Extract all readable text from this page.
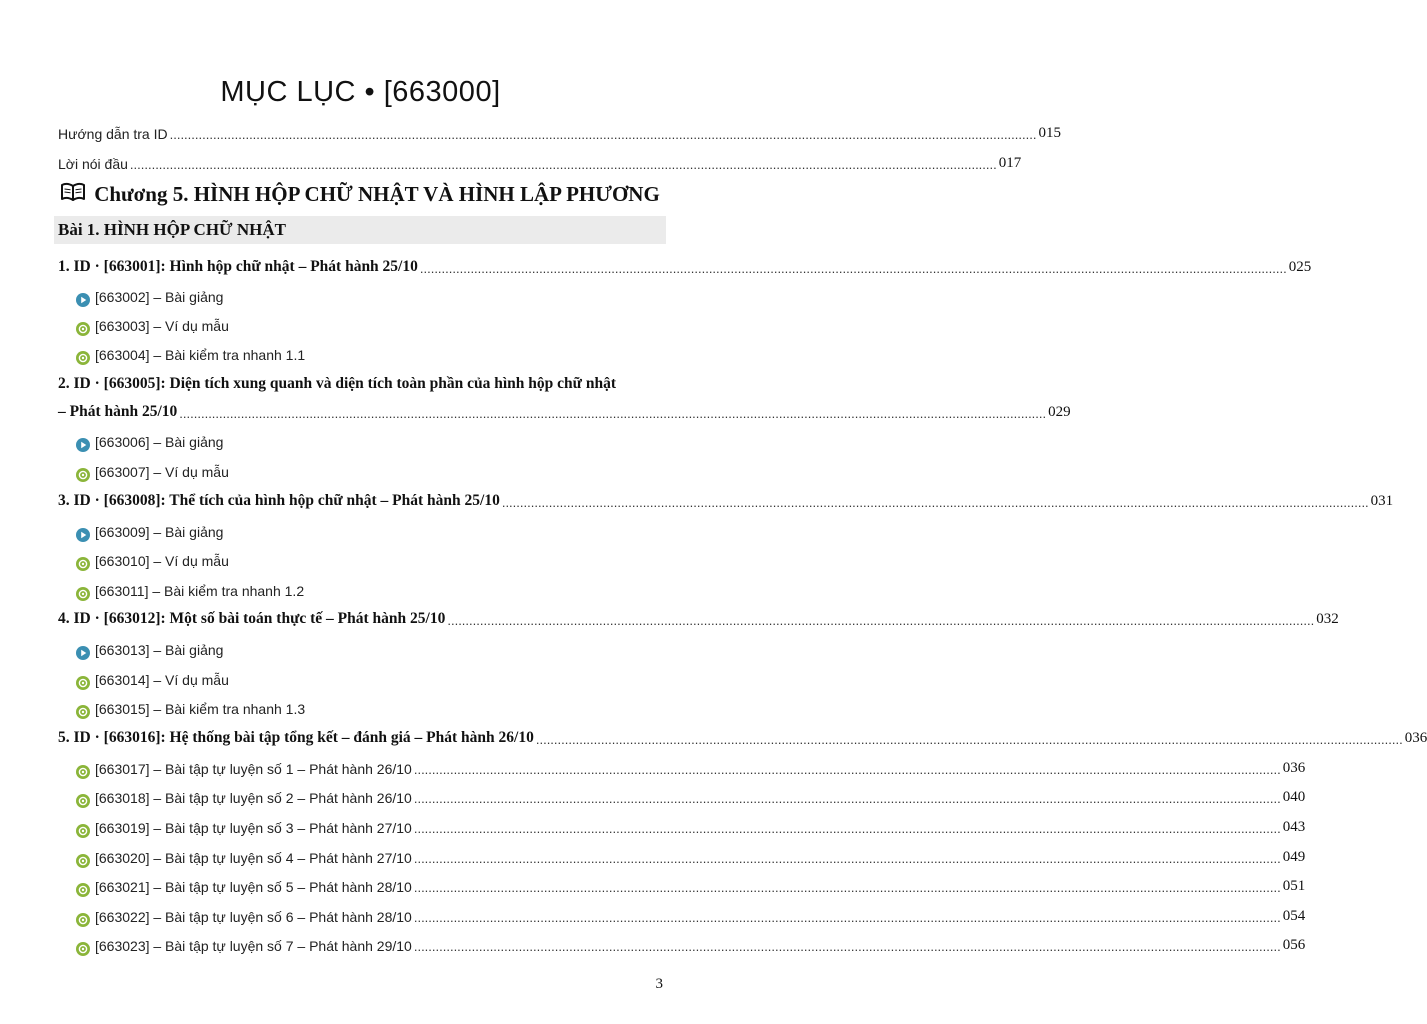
MỤC LỤC • [663000]
Hướng dẫn tra ID ................................................................................................................................................................................................................................................ 015
Lời nói đầu ................................................................................................................................................................................................................................................ 017
Chương 5. HÌNH HỘP CHỮ NHẬT VÀ HÌNH LẬP PHƯƠNG
Bài 1. HÌNH HỘP CHỮ NHẬT
1. ID · [663001]: Hình hộp chữ nhật – Phát hành 25/10 ................................................................................................................................................................................................................................................ 025
[663002] – Bài giảng
[663003] – Ví dụ mẫu
[663004] – Bài kiểm tra nhanh 1.1
2. ID · [663005]: Diện tích xung quanh và diện tích toàn phần của hình hộp chữ nhật
– Phát hành 25/10 ................................................................................................................................................................................................................................................ 029
[663006] – Bài giảng
[663007] – Ví dụ mẫu
3. ID · [663008]: Thể tích của hình hộp chữ nhật – Phát hành 25/10 ................................................................................................................................................................................................................................................ 031
[663009] – Bài giảng
[663010] – Ví dụ mẫu
[663011] – Bài kiểm tra nhanh 1.2
4. ID · [663012]: Một số bài toán thực tế – Phát hành 25/10 ................................................................................................................................................................................................................................................ 032
[663013] – Bài giảng
[663014] – Ví dụ mẫu
[663015] – Bài kiểm tra nhanh 1.3
5. ID · [663016]: Hệ thống bài tập tổng kết – đánh giá – Phát hành 26/10 ................................................................................................................................................................................................................................................ 036
[663017] – Bài tập tự luyện số 1 – Phát hành 26/10 ................................................................................................................................................................................................................................................ 036
[663018] – Bài tập tự luyện số 2 – Phát hành 26/10 ................................................................................................................................................................................................................................................ 040
[663019] – Bài tập tự luyện số 3 – Phát hành 27/10 ................................................................................................................................................................................................................................................ 043
[663020] – Bài tập tự luyện số 4 – Phát hành 27/10 ................................................................................................................................................................................................................................................ 049
[663021] – Bài tập tự luyện số 5 – Phát hành 28/10 ................................................................................................................................................................................................................................................ 051
[663022] – Bài tập tự luyện số 6 – Phát hành 28/10 ................................................................................................................................................................................................................................................ 054
[663023] – Bài tập tự luyện số 7 – Phát hành 29/10 ................................................................................................................................................................................................................................................ 056
3
